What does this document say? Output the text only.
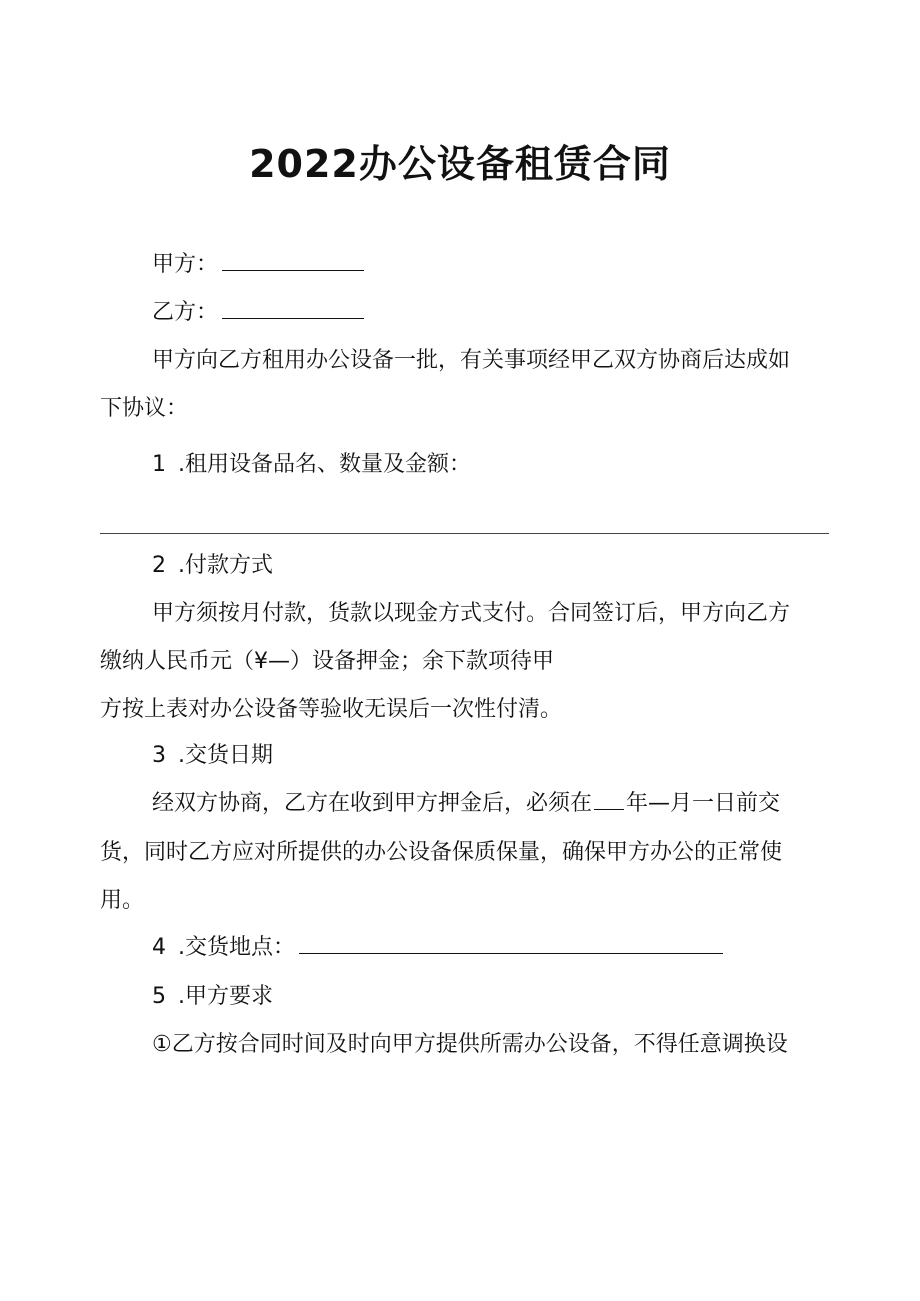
2022办公设备租赁合同
甲方：
乙方：
甲方向乙方租用办公设备一批，有关事项经甲乙双方协商后达成如
下协议：
1 .租用设备品名、数量及金额：
2 .付款方式
甲方须按月付款，货款以现金方式支付。合同签订后，甲方向乙方
缴纳人民币元（¥—）设备押金；余下款项待甲
方按上表对办公设备等验收无误后一次性付清。
3 .交货日期
经双方协商，乙方在收到甲方押金后，必须在 年—月一日前交
货，同时乙方应对所提供的办公设备保质保量，确保甲方办公的正常使
用。
4 .交货地点：
5 .甲方要求
①乙方按合同时间及时向甲方提供所需办公设备，不得任意调换设
